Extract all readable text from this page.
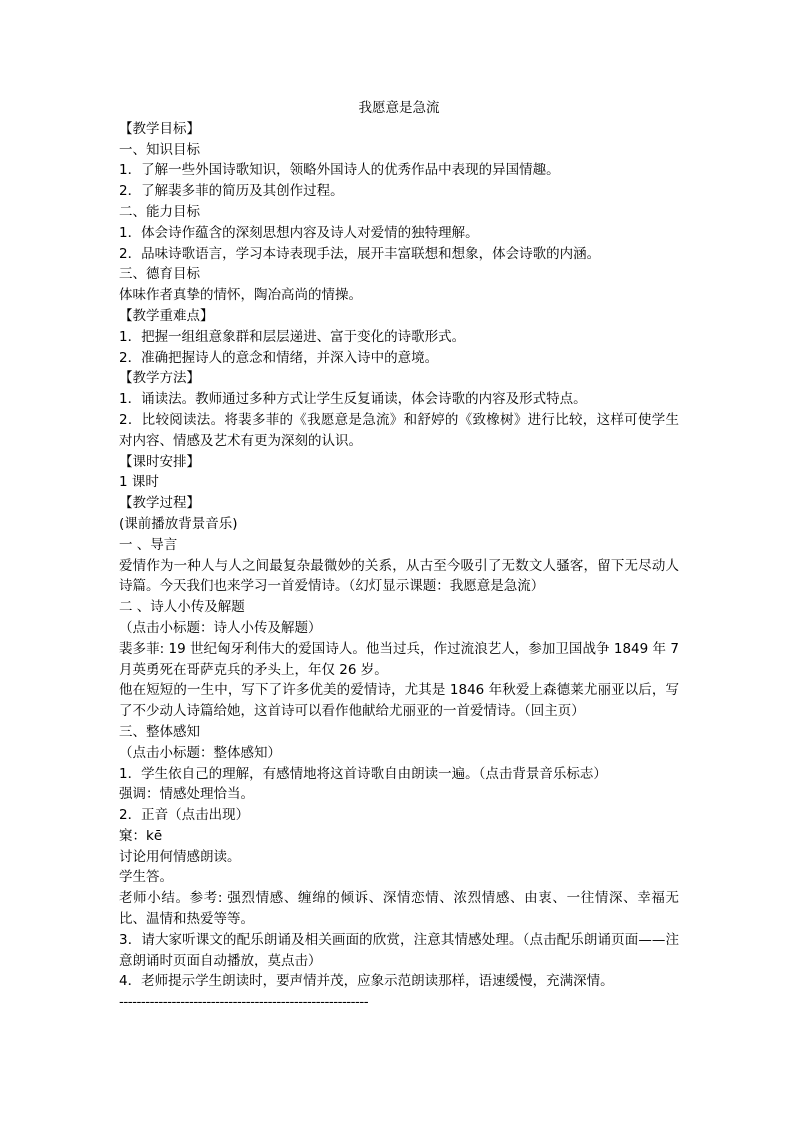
我愿意是急流
【教学目标】
一、知识目标
1．了解一些外国诗歌知识，领略外国诗人的优秀作品中表现的异国情趣。
2．了解裴多菲的简历及其创作过程。
二、能力目标
1．体会诗作蕴含的深刻思想内容及诗人对爱情的独特理解。
2．品味诗歌语言，学习本诗表现手法，展开丰富联想和想象，体会诗歌的内涵。
三、德育目标
体味作者真挚的情怀，陶冶高尚的情操。
【教学重难点】
1．把握一组组意象群和层层递进、富于变化的诗歌形式。
2．准确把握诗人的意念和情绪，并深入诗中的意境。
【教学方法】
1．诵读法。教师通过多种方式让学生反复诵读，体会诗歌的内容及形式特点。
2．比较阅读法。将裴多菲的《我愿意是急流》和舒婷的《致橡树》进行比较，这样可使学生对内容、情感及艺术有更为深刻的认识。
【课时安排】
1 课时
【教学过程】
(课前播放背景音乐)
一 、导言
爱情作为一种人与人之间最复杂最微妙的关系，从古至今吸引了无数文人骚客，留下无尽动人诗篇。今天我们也来学习一首爱情诗。（幻灯显示课题：我愿意是急流）
二 、诗人小传及解题
（点击小标题：诗人小传及解题）
裴多菲: 19 世纪匈牙利伟大的爱国诗人。他当过兵，作过流浪艺人，参加卫国战争 1849 年 7 月英勇死在哥萨克兵的矛头上，年仅 26 岁。
他在短短的一生中，写下了许多优美的爱情诗，尤其是 1846 年秋爱上森德莱尤丽亚以后，写了不少动人诗篇给她，这首诗可以看作他献给尤丽亚的一首爱情诗。（回主页）
三、整体感知
（点击小标题：整体感知）
1．学生依自己的理解，有感情地将这首诗歌自由朗读一遍。（点击背景音乐标志）
强调：情感处理恰当。
2．正音（点击出现）
窠：kē
讨论用何情感朗读。
学生答。
老师小结。参考: 强烈情感、缠绵的倾诉、深情恋情、浓烈情感、由衷、一往情深、幸福无比、温情和热爱等等。
3．请大家听课文的配乐朗诵及相关画面的欣赏，注意其情感处理。（点击配乐朗诵页面——注意朗诵时页面自动播放，莫点击）
4．老师提示学生朗读时，要声情并茂，应象示范朗读那样，语速缓慢，充满深情。
---------------------------------------------------------
